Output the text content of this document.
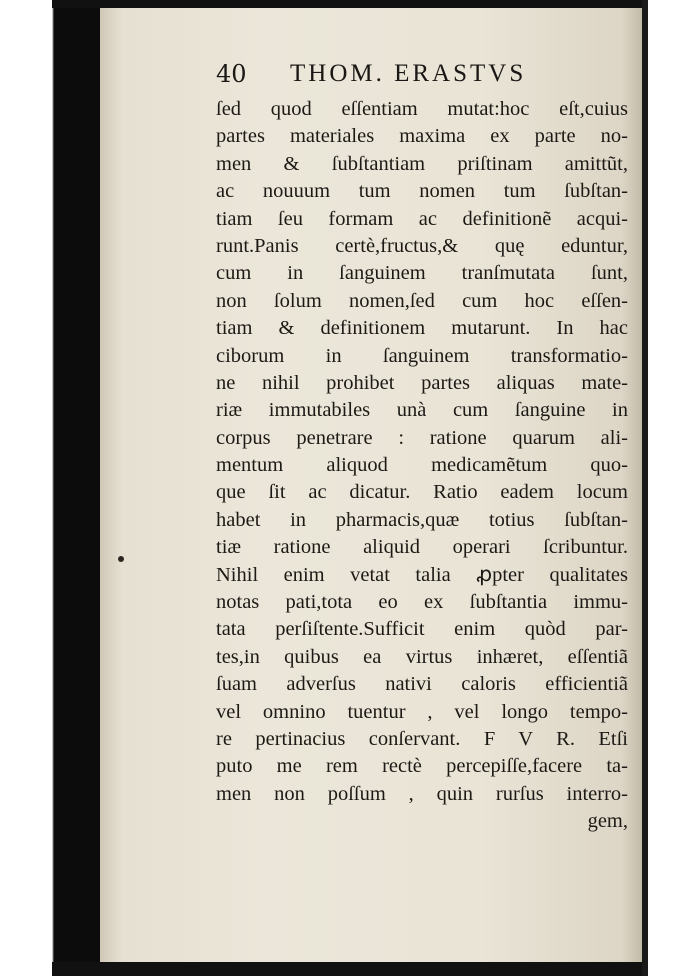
40 THOM. ERASTVS
ſed quod eſſentiam mutat:hoc eſt,cuius
partes materiales maxima ex parte no-
men & ſubſtantiam priſtinam amittũt,
ac nouuum tum nomen tum ſubſtan-
tiam ſeu formam ac definitionẽ acqui-
runt.Panis certè,fructus,& quę eduntur,
cum in ſanguinem tranſmutata ſunt,
non ſolum nomen,ſed cum hoc eſſen-
tiam & definitionem mutarunt. In hac
ciborum in ſanguinem transformatio-
ne nihil prohibet partes aliquas mate-
riæ immutabiles unà cum ſanguine in
corpus penetrare : ratione quarum ali-
mentum aliquod medicamẽtum quo-
que ſit ac dicatur. Ratio eadem locum
habet in pharmacis,quæ totius ſubſtan-
tiæ ratione aliquid operari ſcribuntur.
Nihil enim vetat talia ꝓpter qualitates
notas pati,tota eo ex ſubſtantia immu-
tata perſiſtente.Sufficit enim quòd par-
tes,in quibus ea virtus inhæret, eſſentiã
ſuam adverſus nativi caloris efficientiã
vel omnino tuentur , vel longo tempo-
re pertinacius conſervant. F V R. Etſi
puto me rem rectè percepiſſe,facere ta-
men non poſſum , quin rurſus interro-
gem,
